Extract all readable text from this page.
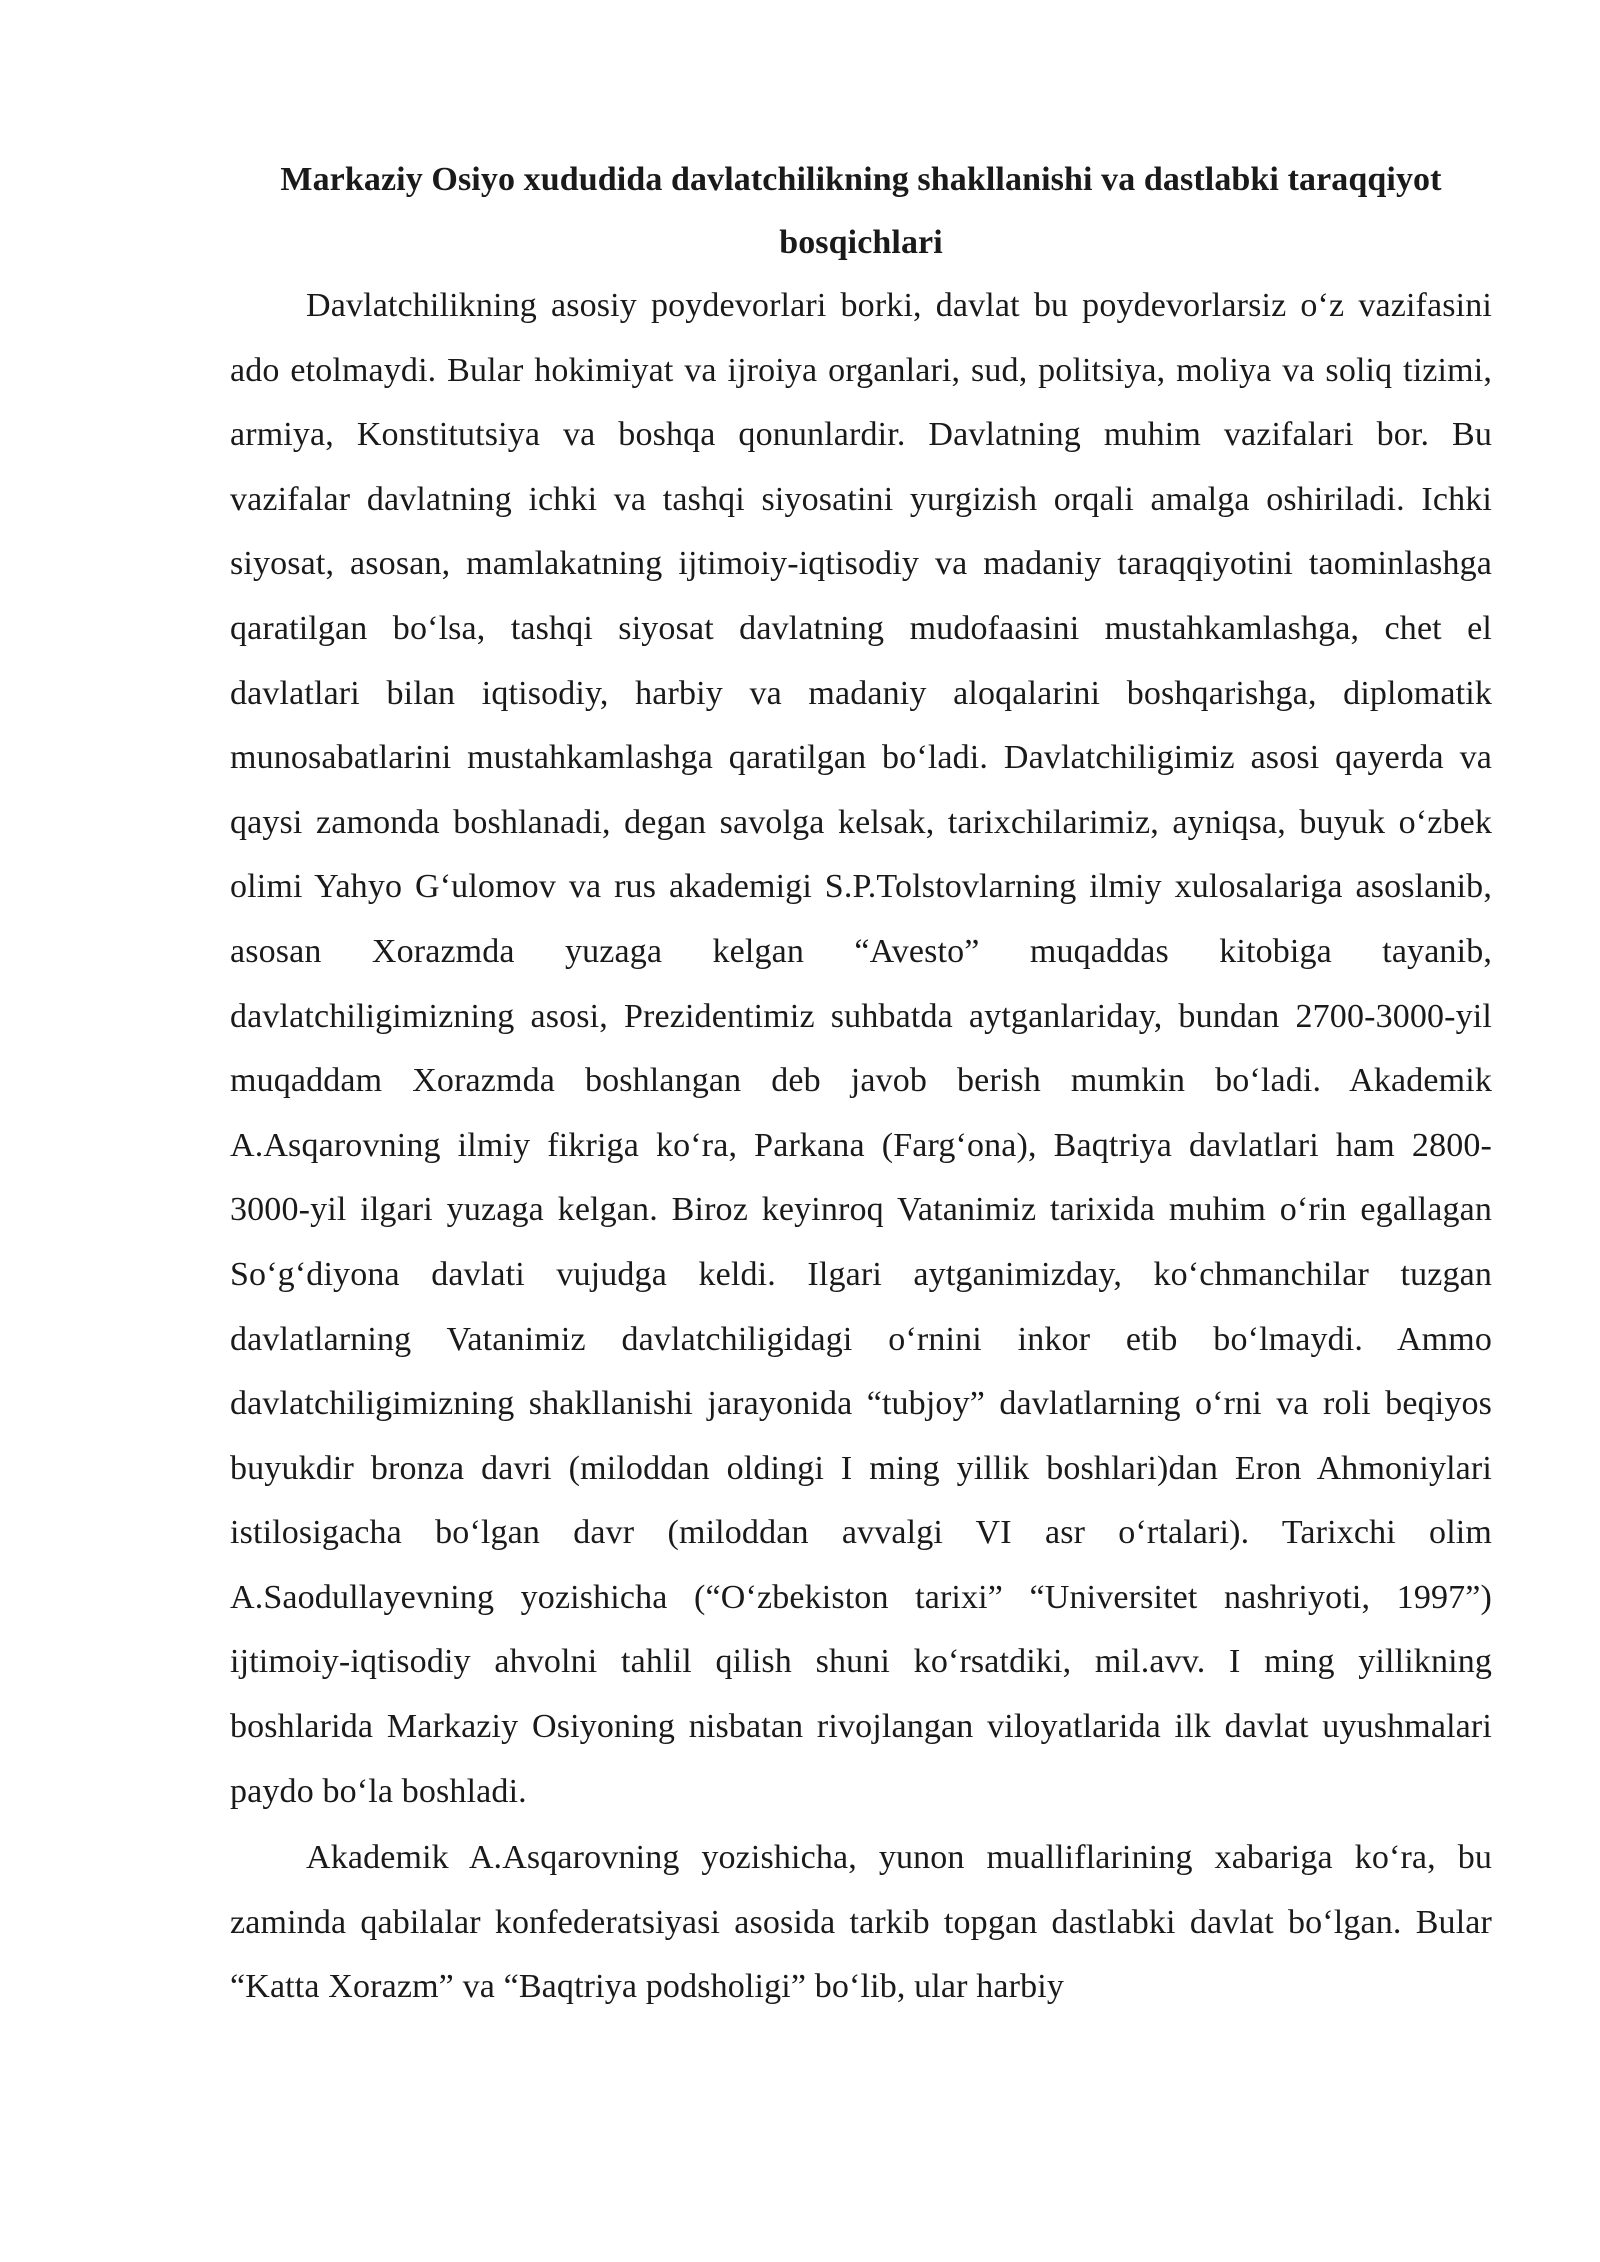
Markaziy Osiyo xududida davlatchilikning shakllanishi va dastlabki taraqqiyot bosqichlari

Davlatchilikning asosiy poydevorlari borki, davlat bu poydevorlarsiz o‘z vazifasini ado etolmaydi. Bular hokimiyat va ijroiya organlari, sud, politsiya, moliya va soliq tizimi, armiya, Konstitutsiya va boshqa qonunlardir. Davlatning muhim vazifalari bor. Bu vazifalar davlatning ichki va tashqi siyosatini yurgizish orqali amalga oshiriladi. Ichki siyosat, asosan, mamlakatning ijtimoiy-iqtisodiy va madaniy taraqqiyotini taominlashga qaratilgan bo‘lsa, tashqi siyosat davlatning mudofaasini mustahkamlashga, chet el davlatlari bilan iqtisodiy, harbiy va madaniy aloqalarini boshqarishga, diplomatik munosabatlarini mustahkamlashga qaratilgan bo‘ladi. Davlatchiligimiz asosi qayerda va qaysi zamonda boshlanadi, degan savolga kelsak, tarixchilarimiz, ayniqsa, buyuk o‘zbek olimi Yahyo G‘ulomov va rus akademigi S.P.Tolstovlarning ilmiy xulosalariga asoslanib, asosan Xorazmda yuzaga kelgan “Avesto” muqaddas kitobiga tayanib, davlatchiligimizning asosi, Prezidentimiz suhbatda aytganlariday, bundan 2700-3000-yil muqaddam Xorazmda boshlangan deb javob berish mumkin bo‘ladi. Akademik A.Asqarovning ilmiy fikriga ko‘ra, Parkana (Farg‘ona), Baqtriya davlatlari ham 2800-3000-yil ilgari yuzaga kelgan. Biroz keyinroq Vatanimiz tarixida muhim o‘rin egallagan So‘g‘diyona davlati vujudga keldi. Ilgari aytganimizday, ko‘chmanchilar tuzgan davlatlarning Vatanimiz davlatchiligidagi o‘rnini inkor etib bo‘lmaydi. Ammo davlatchiligimizning shakllanishi jarayonida “tubjoy” davlatlarning o‘rni va roli beqiyos buyukdir bronza davri (miloddan oldingi I ming yillik boshlari)dan Eron Ahmoniylari istilosigacha bo‘lgan davr (miloddan avvalgi VI asr o‘rtalari). Tarixchi olim A.Saodullayevning yozishicha (“O‘zbekiston tarixi” “Universitet nashriyoti, 1997”) ijtimoiy-iqtisodiy ahvolni tahlil qilish shuni ko‘rsatdiki, mil.avv. I ming yillikning boshlarida Markaziy Osiyoning nisbatan rivojlangan viloyatlarida ilk davlat uyushmalari paydo bo‘la boshladi.

Akademik A.Asqarovning yozishicha, yunon mualliflarining xabariga ko‘ra, bu zaminda qabilalar konfederatsiyasi asosida tarkib topgan dastlabki davlat bo‘lgan. Bular “Katta Xorazm” va “Baqtriya podsholigi” bo‘lib, ular harbiy
